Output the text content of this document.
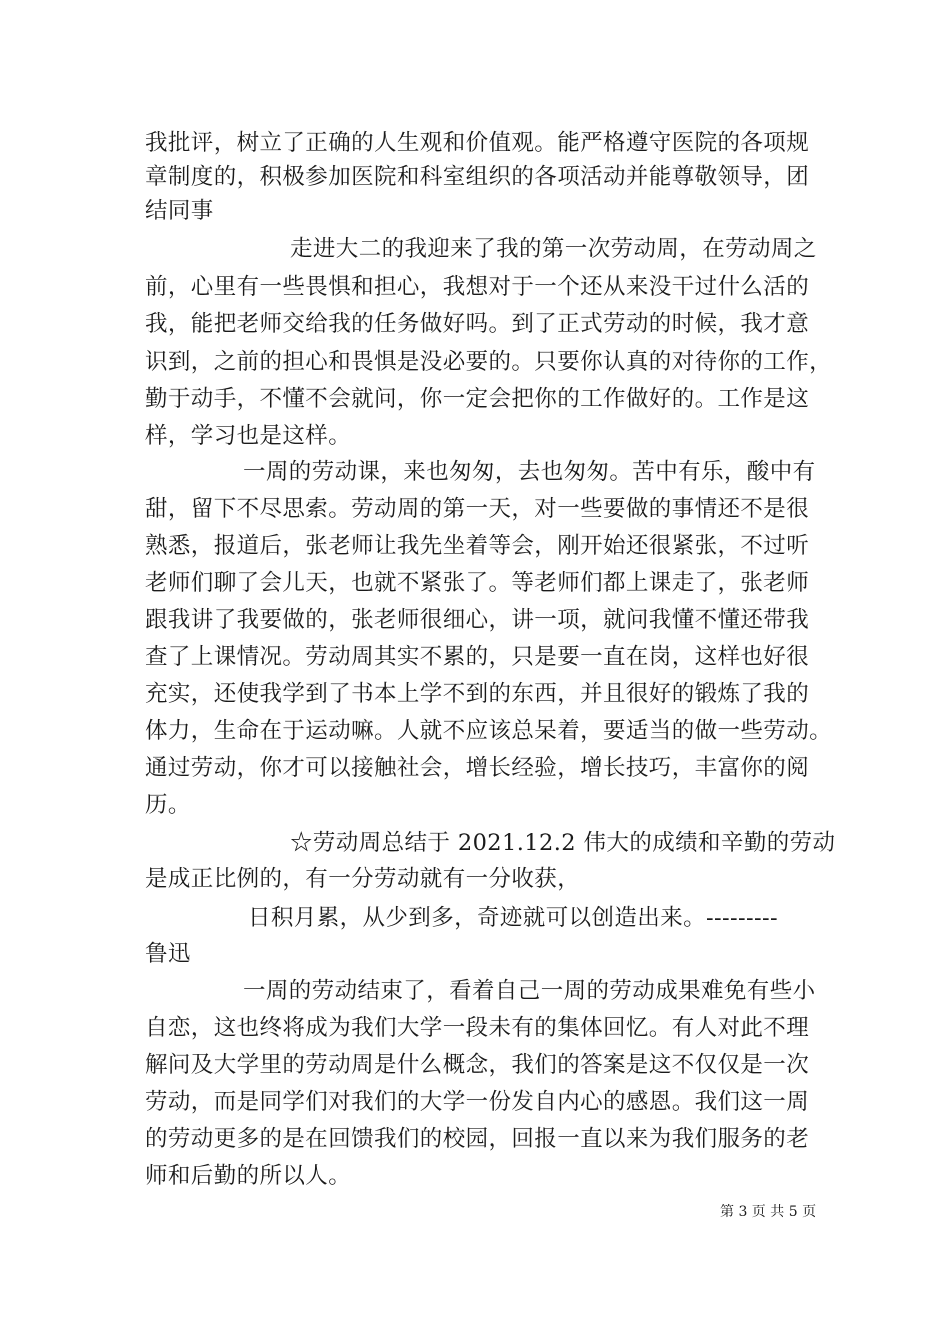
我批评，树立了正确的人生观和价值观。能严格遵守医院的各项规
章制度的，积极参加医院和科室组织的各项活动并能尊敬领导，团
结同事
走进大二的我迎来了我的第一次劳动周，在劳动周之
前，心里有一些畏惧和担心，我想对于一个还从来没干过什么活的
我，能把老师交给我的任务做好吗。到了正式劳动的时候，我才意
识到，之前的担心和畏惧是没必要的。只要你认真的对待你的工作，
勤于动手，不懂不会就问，你一定会把你的工作做好的。工作是这
样，学习也是这样。
一周的劳动课，来也匆匆，去也匆匆。苦中有乐，酸中有
甜，留下不尽思索。劳动周的第一天，对一些要做的事情还不是很
熟悉，报道后，张老师让我先坐着等会，刚开始还很紧张，不过听
老师们聊了会儿天，也就不紧张了。等老师们都上课走了，张老师
跟我讲了我要做的，张老师很细心，讲一项，就问我懂不懂还带我
查了上课情况。劳动周其实不累的，只是要一直在岗，这样也好很
充实，还使我学到了书本上学不到的东西，并且很好的锻炼了我的
体力，生命在于运动嘛。人就不应该总呆着，要适当的做一些劳动。
通过劳动，你才可以接触社会，增长经验，增长技巧，丰富你的阅
历。
☆劳动周总结于 2021.12.2 伟大的成绩和辛勤的劳动
是成正比例的，有一分劳动就有一分收获，
日积月累，从少到多，奇迹就可以创造出来。---------
鲁迅
一周的劳动结束了，看着自己一周的劳动成果难免有些小
自恋，这也终将成为我们大学一段未有的集体回忆。有人对此不理
解问及大学里的劳动周是什么概念，我们的答案是这不仅仅是一次
劳动，而是同学们对我们的大学一份发自内心的感恩。我们这一周
的劳动更多的是在回馈我们的校园，回报一直以来为我们服务的老
师和后勤的所以人。
第 3 页 共 5 页
